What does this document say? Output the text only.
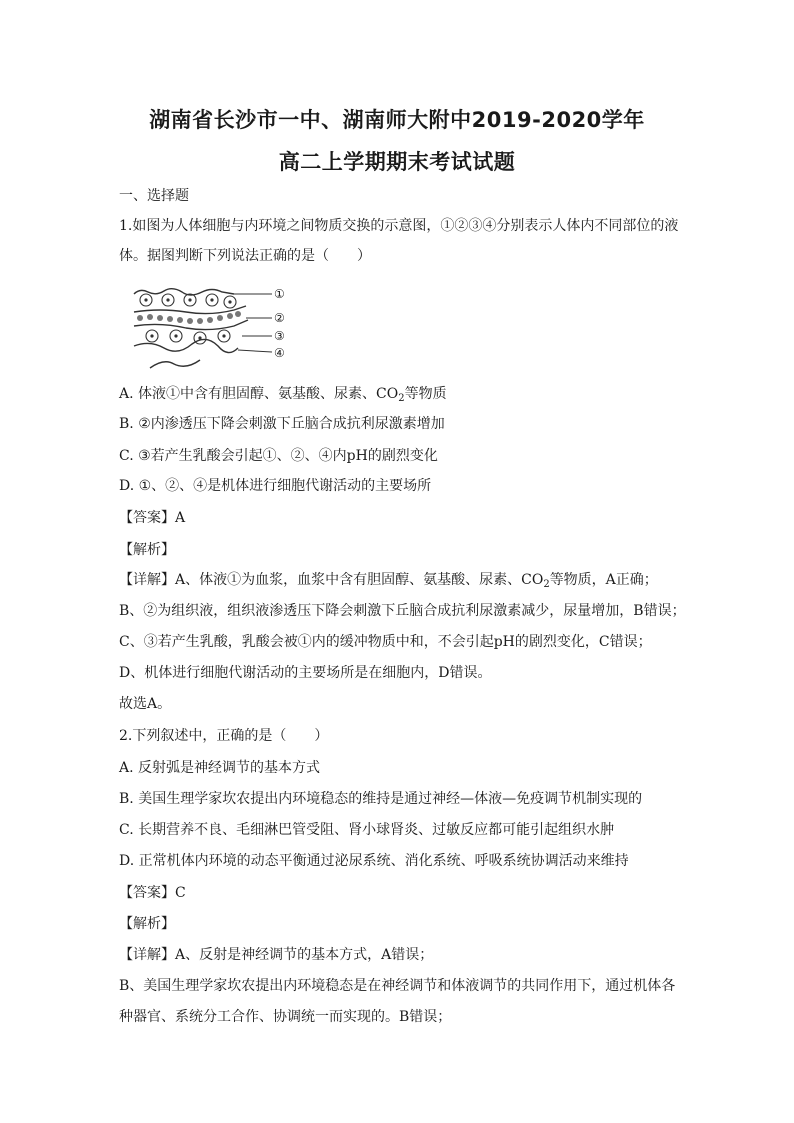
湖南省长沙市一中、湖南师大附中2019-2020学年
高二上学期期末考试试题
一、选择题
1.如图为人体细胞与内环境之间物质交换的示意图，①②③④分别表示人体内不同部位的液
体。据图判断下列说法正确的是（　　）
①
②
③
④
A. 体液①中含有胆固醇、氨基酸、尿素、$CO_2$等物质
B. ②内渗透压下降会刺激下丘脑合成抗利尿激素增加
C. ③若产生乳酸会引起①、②、④内pH的剧烈变化
D. ①、②、④是机体进行细胞代谢活动的主要场所
【答案】A
【解析】
【详解】A、体液①为血浆，血浆中含有胆固醇、氨基酸、尿素、$CO_2$等物质，A正确；
B、②为组织液，组织液渗透压下降会刺激下丘脑合成抗利尿激素减少，尿量增加，B错误；
C、③若产生乳酸，乳酸会被①内的缓冲物质中和，不会引起pH的剧烈变化，C错误；
D、机体进行细胞代谢活动的主要场所是在细胞内，D错误。
故选A。
2.下列叙述中，正确的是（　　）
A. 反射弧是神经调节的基本方式
B. 美国生理学家坎农提出内环境稳态的维持是通过神经—体液—免疫调节机制实现的
C. 长期营养不良、毛细淋巴管受阻、肾小球肾炎、过敏反应都可能引起组织水肿
D. 正常机体内环境的动态平衡通过泌尿系统、消化系统、呼吸系统协调活动来维持
【答案】C
【解析】
【详解】A、反射是神经调节的基本方式，A错误；
B、美国生理学家坎农提出内环境稳态是在神经调节和体液调节的共同作用下，通过机体各
种器官、系统分工合作、协调统一而实现的。B错误；
